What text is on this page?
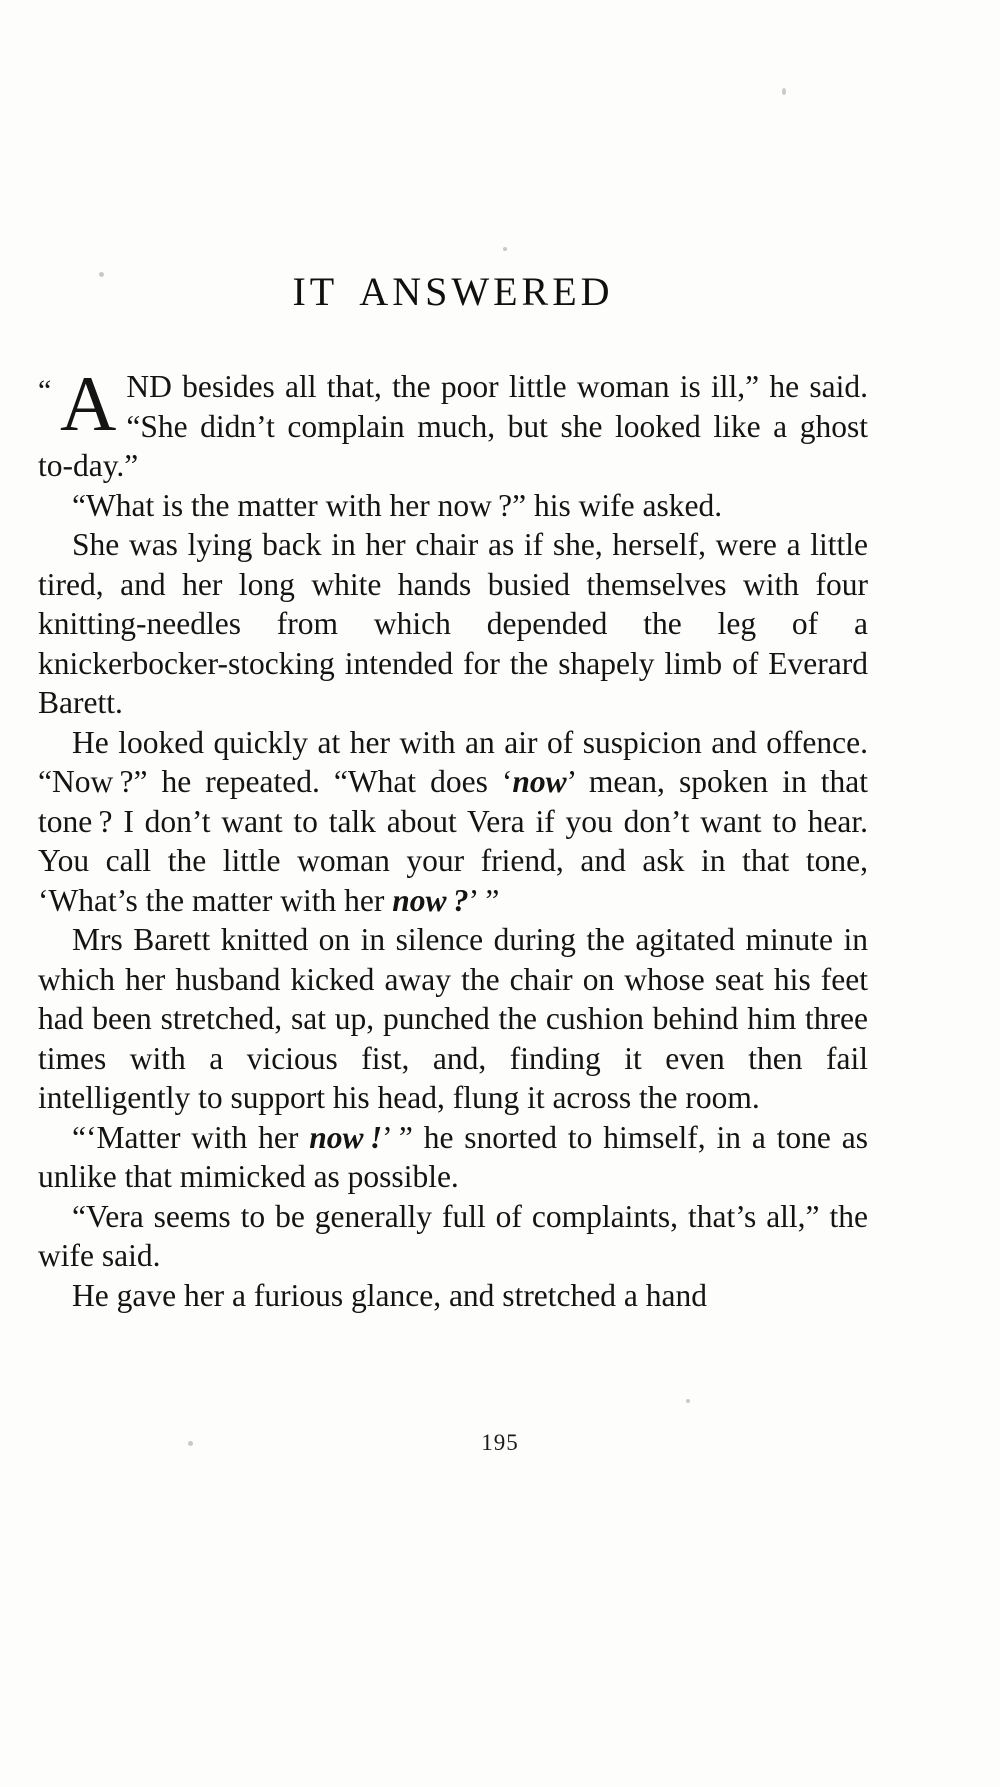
IT ANSWERED

“ A ND besides all that, the poor little woman is ill,” he said. “She didn’t complain much, but she looked like a ghost to-day.”

“What is the matter with her now ?” his wife asked.

She was lying back in her chair as if she, herself, were a little tired, and her long white hands busied themselves with four knitting-needles from which depended the leg of a knickerbocker-stocking intended for the shapely limb of Everard Barett.

He looked quickly at her with an air of suspicion and offence. “Now ?” he repeated. “What does ‘now’ mean, spoken in that tone ? I don’t want to talk about Vera if you don’t want to hear. You call the little woman your friend, and ask in that tone, ‘What’s the matter with her now ?’ ”

Mrs Barett knitted on in silence during the agitated minute in which her husband kicked away the chair on whose seat his feet had been stretched, sat up, punched the cushion behind him three times with a vicious fist, and, finding it even then fail intelligently to support his head, flung it across the room.

“‘Matter with her now !’ ” he snorted to himself, in a tone as unlike that mimicked as possible.

“Vera seems to be generally full of complaints, that’s all,” the wife said.

He gave her a furious glance, and stretched a hand

195
